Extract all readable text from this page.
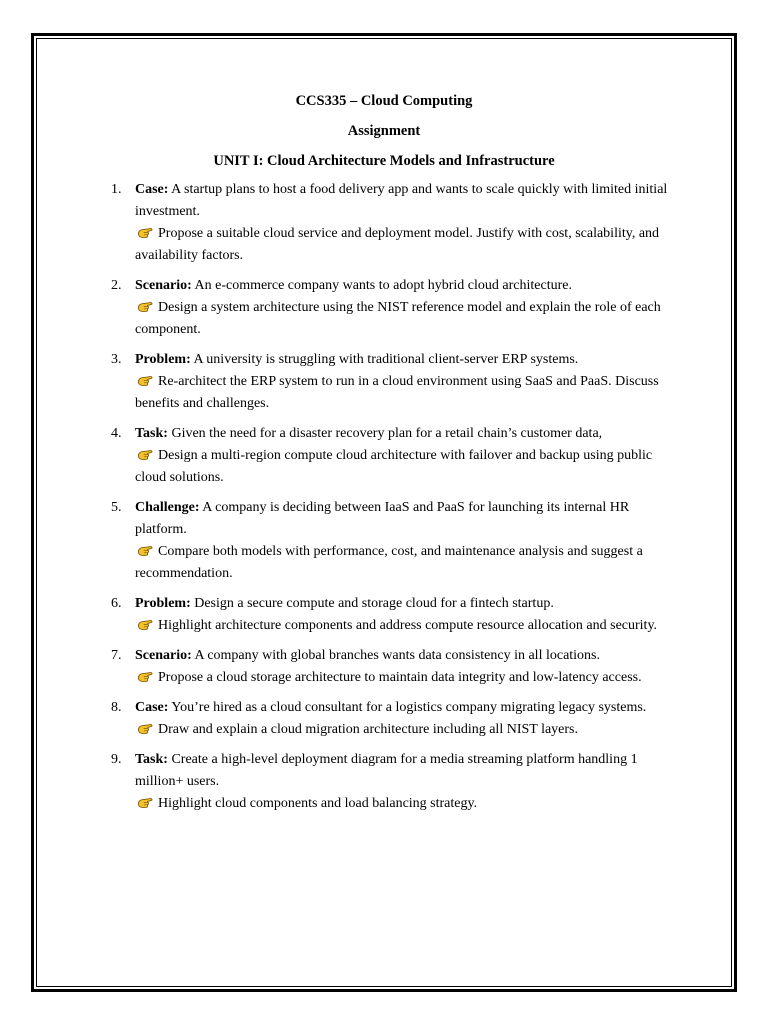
CCS335 – Cloud Computing

Assignment

UNIT I: Cloud Architecture Models and Infrastructure

1. Case: A startup plans to host a food delivery app and wants to scale quickly with limited initial investment.
Propose a suitable cloud service and deployment model. Justify with cost, scalability, and availability factors.
2. Scenario: An e-commerce company wants to adopt hybrid cloud architecture.
Design a system architecture using the NIST reference model and explain the role of each component.
3. Problem: A university is struggling with traditional client-server ERP systems.
Re-architect the ERP system to run in a cloud environment using SaaS and PaaS. Discuss benefits and challenges.
4. Task: Given the need for a disaster recovery plan for a retail chain’s customer data,
Design a multi-region compute cloud architecture with failover and backup using public cloud solutions.
5. Challenge: A company is deciding between IaaS and PaaS for launching its internal HR platform.
Compare both models with performance, cost, and maintenance analysis and suggest a recommendation.
6. Problem: Design a secure compute and storage cloud for a fintech startup.
Highlight architecture components and address compute resource allocation and security.
7. Scenario: A company with global branches wants data consistency in all locations.
Propose a cloud storage architecture to maintain data integrity and low-latency access.
8. Case: You’re hired as a cloud consultant for a logistics company migrating legacy systems.
Draw and explain a cloud migration architecture including all NIST layers.
9. Task: Create a high-level deployment diagram for a media streaming platform handling 1 million+ users.
Highlight cloud components and load balancing strategy.
